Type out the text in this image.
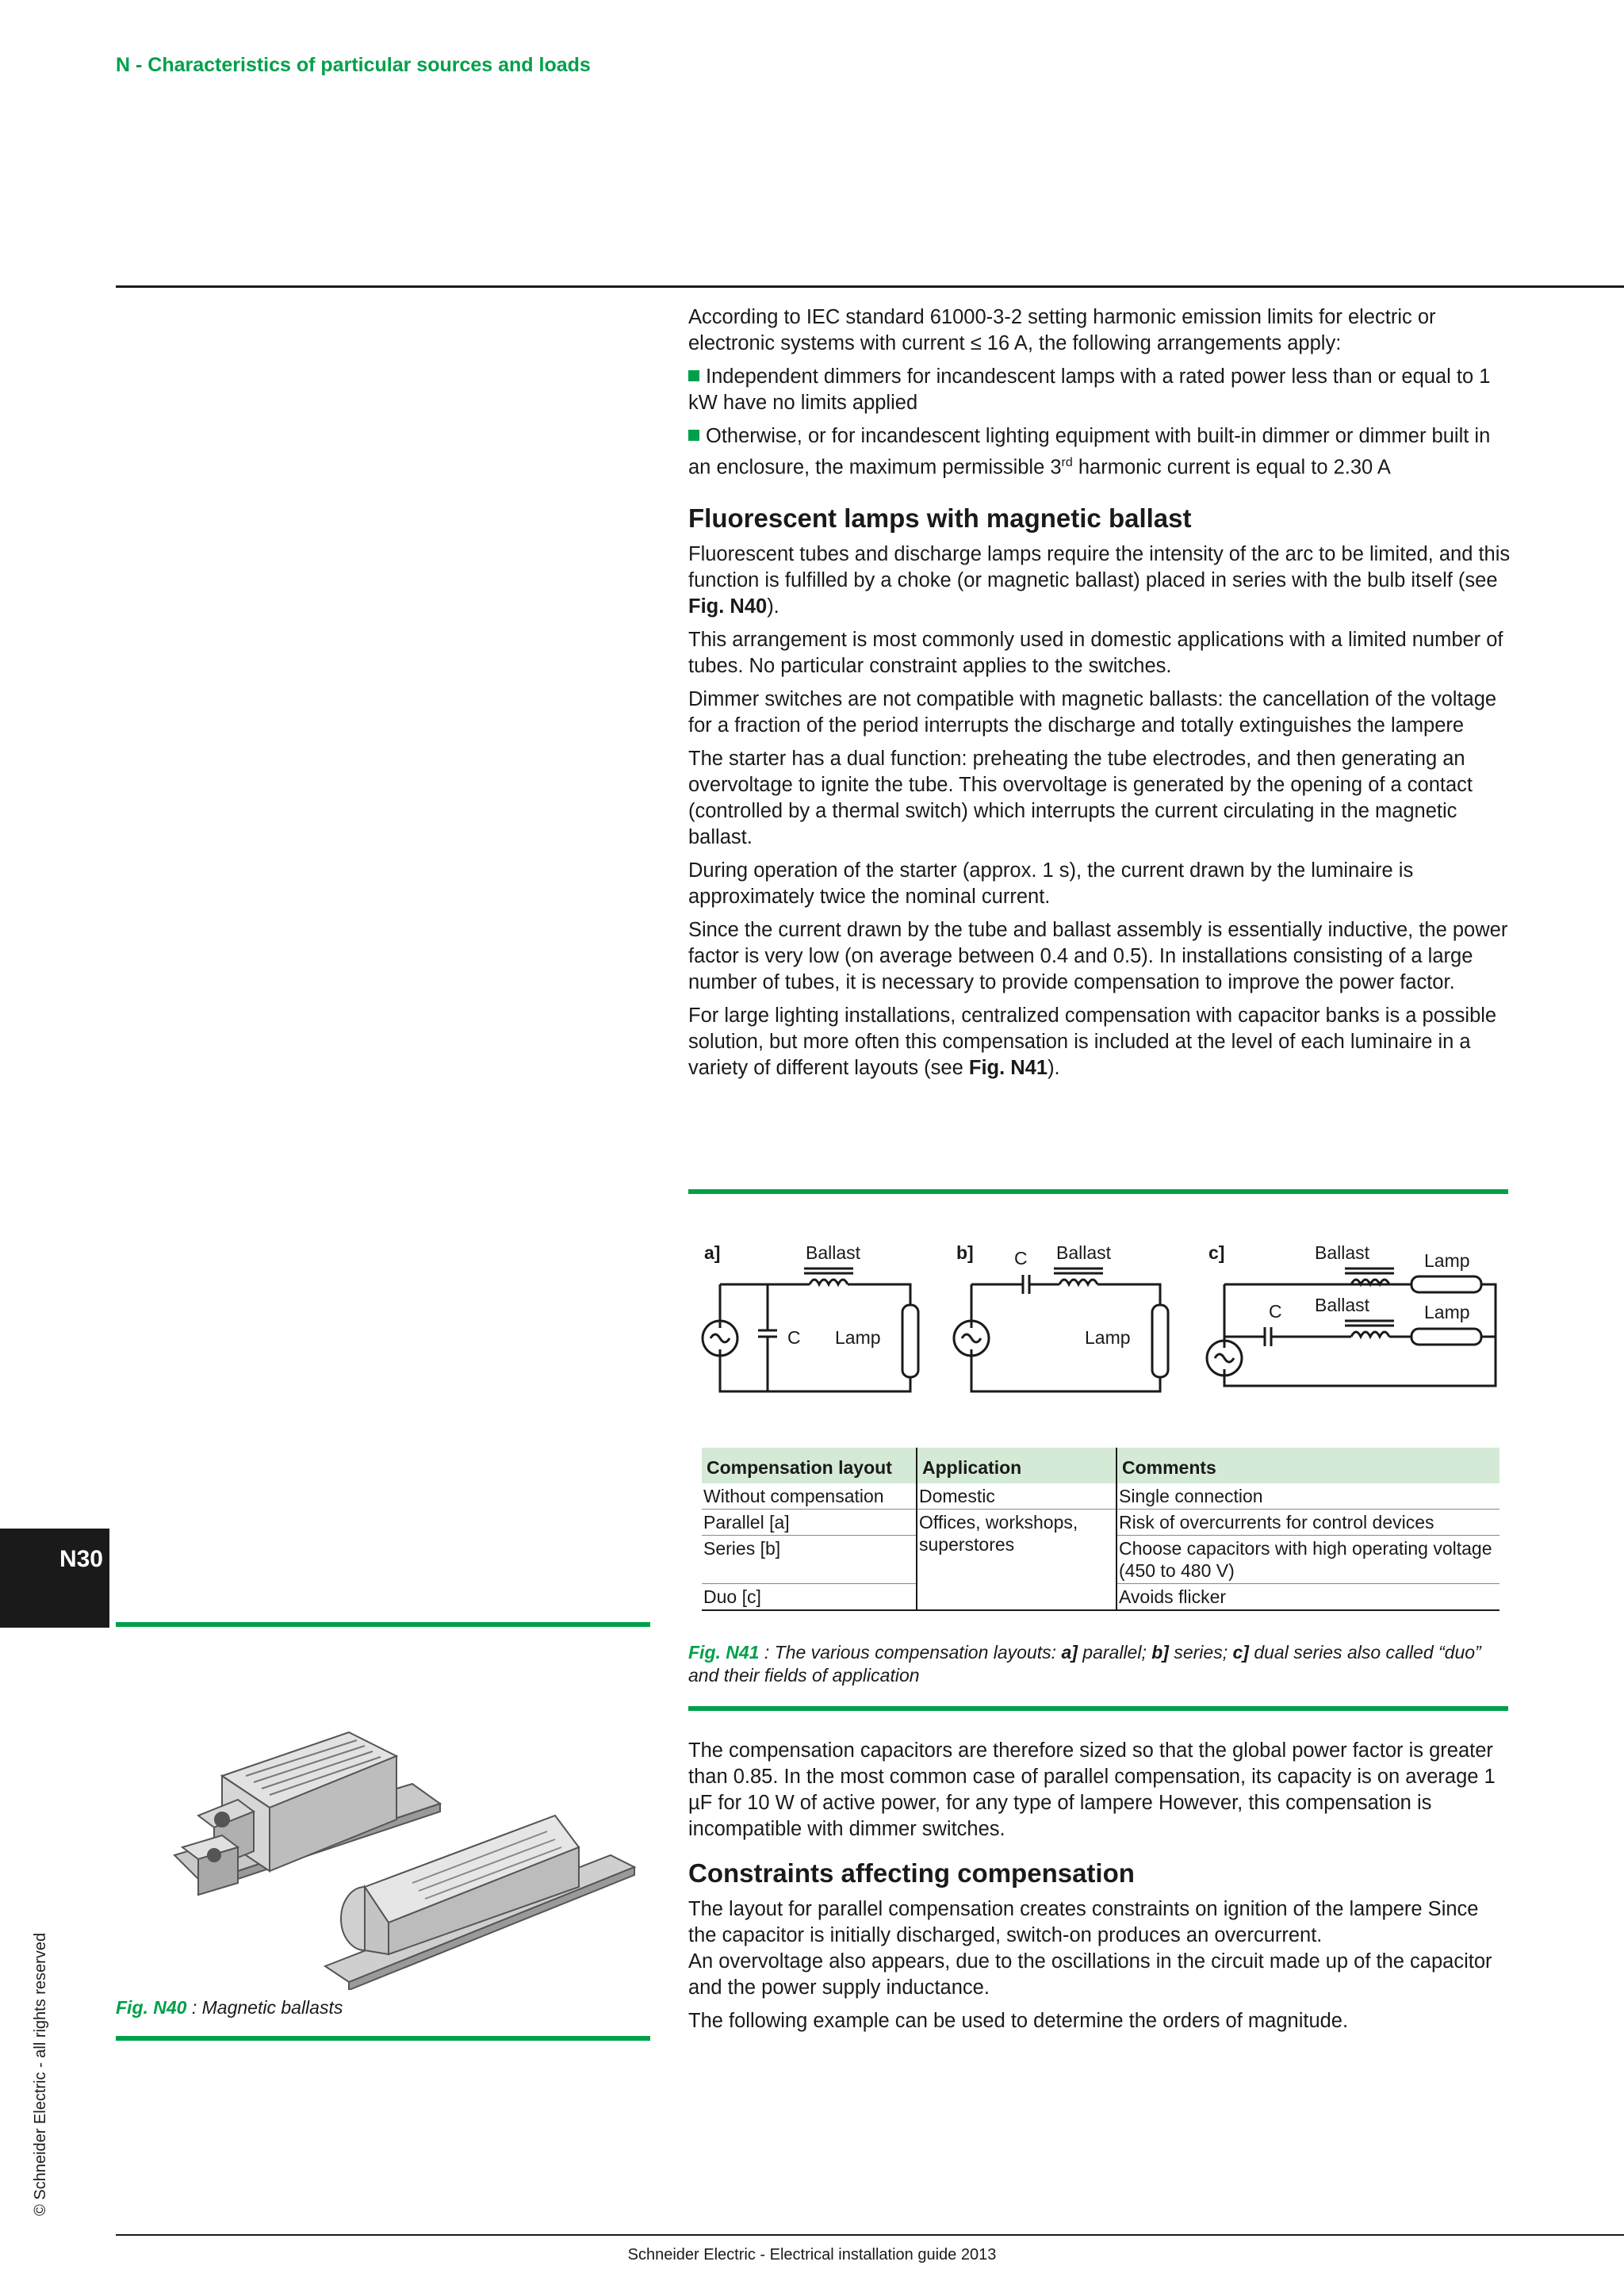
N - Characteristics of particular sources and loads
N30
© Schneider Electric - all rights reserved

According to IEC standard 61000-3-2 setting harmonic emission limits for electric or electronic systems with current ≤ 16 A, the following arrangements apply:

Independent dimmers for incandescent lamps with a rated power less than or equal to 1 kW have no limits applied

Otherwise, or for incandescent lighting equipment with built-in dimmer or dimmer built in an enclosure, the maximum permissible 3rd harmonic current is equal to 2.30 A

Fluorescent lamps with magnetic ballast

Fluorescent tubes and discharge lamps require the intensity of the arc to be limited, and this function is fulfilled by a choke (or magnetic ballast) placed in series with the bulb itself (see Fig. N40).

This arrangement is most commonly used in domestic applications with a limited number of tubes. No particular constraint applies to the switches.

Dimmer switches are not compatible with magnetic ballasts: the cancellation of the voltage for a fraction of the period interrupts the discharge and totally extinguishes the lampere

The starter has a dual function: preheating the tube electrodes, and then generating an overvoltage to ignite the tube. This overvoltage is generated by the opening of a contact (controlled by a thermal switch) which interrupts the current circulating in the magnetic ballast.

During operation of the starter (approx. 1 s), the current drawn by the luminaire is approximately twice the nominal current.

Since the current drawn by the tube and ballast assembly is essentially inductive, the power factor is very low (on average between 0.4 and 0.5). In installations consisting of a large number of tubes, it is necessary to provide compensation to improve the power factor.

For large lighting installations, centralized compensation with capacitor banks is a possible solution, but more often this compensation is included at the level of each luminaire in a variety of different layouts (see Fig. N41).

a]	Ballast
C Lamp
b] C Ballast
Lamp
c]	Ballast	Lamp
C Ballast	Lamp
Compensation layout	Application	Comments
Without compensation	Domestic	Single connection
Parallel [a]	Offices, workshops, superstores	Risk of overcurrents for control devices
Series [b]		Choose capacitors with high operating voltage (450 to 480 V)
Duo [c]		Avoids flicker
Fig. N41 : The various compensation layouts: a] parallel; b] series; c] dual series also called “duo” and their fields of application

The compensation capacitors are therefore sized so that the global power factor is greater than 0.85. In the most common case of parallel compensation, its capacity is on average 1 µF for 10 W of active power, for any type of lampere However, this compensation is incompatible with dimmer switches.

Constraints affecting compensation

The layout for parallel compensation creates constraints on ignition of the lampere Since the capacitor is initially discharged, switch-on produces an overcurrent.

An overvoltage also appears, due to the oscillations in the circuit made up of the capacitor and the power supply inductance.

The following example can be used to determine the orders of magnitude.

Fig. N40 : Magnetic ballasts
Schneider Electric - Electrical installation guide 2013
